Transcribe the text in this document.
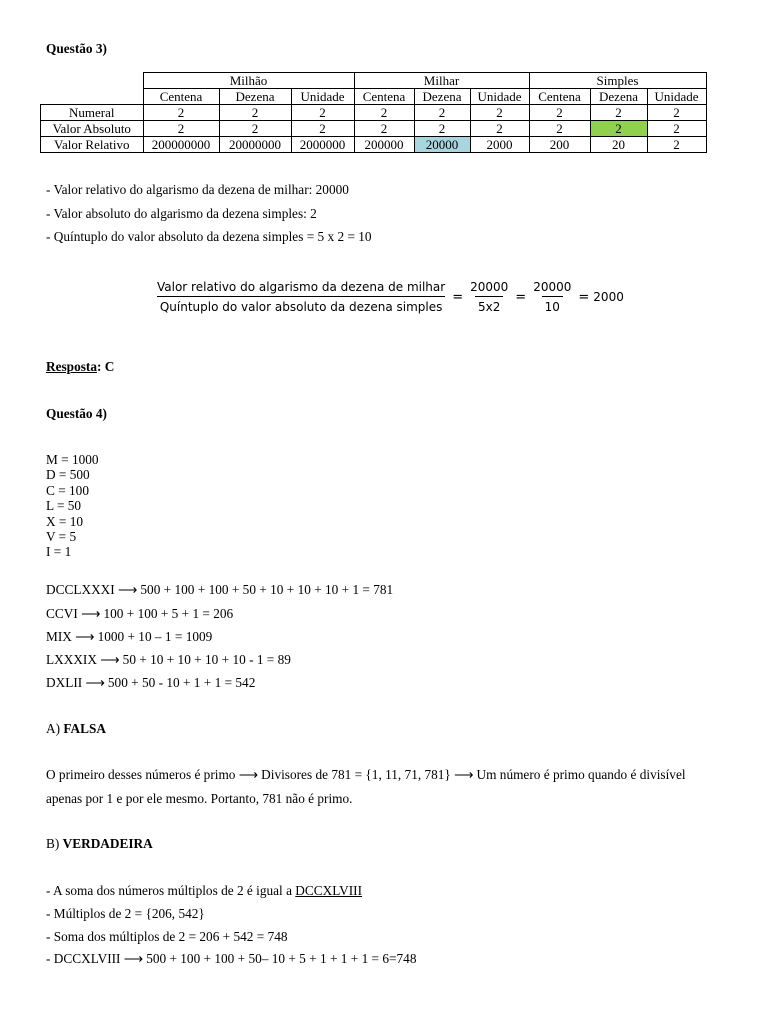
Questão 3)
	Milhão			Milhar			Simples		
	Centena	Dezena	Unidade	Centena	Dezena	Unidade	Centena	Dezena	Unidade
Numeral	2	2	2	2	2	2	2	2	2
Valor Absoluto	2	2	2	2	2	2	2	2	2
Valor Relativo	200000000	20000000	2000000	200000	20000	2000	200	20	2
- Valor relativo do algarismo da dezena de milhar: 20000
- Valor absoluto do algarismo da dezena simples: 2
- Quíntuplo do valor absoluto da dezena simples = 5 x 2 = 10
$\frac{\text{Valor relativo do algarismo da dezena de milhar}}{\text{Quíntuplo do valor absoluto da dezena simples}} = \frac{20000}{5x2} = \frac{20000}{10} = 2000$
Resposta: C
Questão 4)
M = 1000
D = 500
C = 100
L = 50
X = 10
V = 5
I = 1
DCCLXXXI ⟶ 500 + 100 + 100 + 50 + 10 + 10 + 10 + 1 = 781
CCVI ⟶ 100 + 100 + 5 + 1 = 206
MIX ⟶ 1000 + 10 – 1 = 1009
LXXXIX ⟶ 50 + 10 + 10 + 10 + 10 - 1 = 89
DXLII ⟶ 500 + 50 - 10 + 1 + 1 = 542
A) FALSA
O primeiro desses números é primo ⟶ Divisores de 781 = {1, 11, 71, 781} ⟶ Um número é primo quando é divisível
apenas por 1 e por ele mesmo. Portanto, 781 não é primo.
B) VERDADEIRA
- A soma dos números múltiplos de 2 é igual a DCCXLVIII
- Múltiplos de 2 = {206, 542}
- Soma dos múltiplos de 2 = 206 + 542 = 748
- DCCXLVIII ⟶ 500 + 100 + 100 + 50– 10 + 5 + 1 + 1 + 1 = 6=748
